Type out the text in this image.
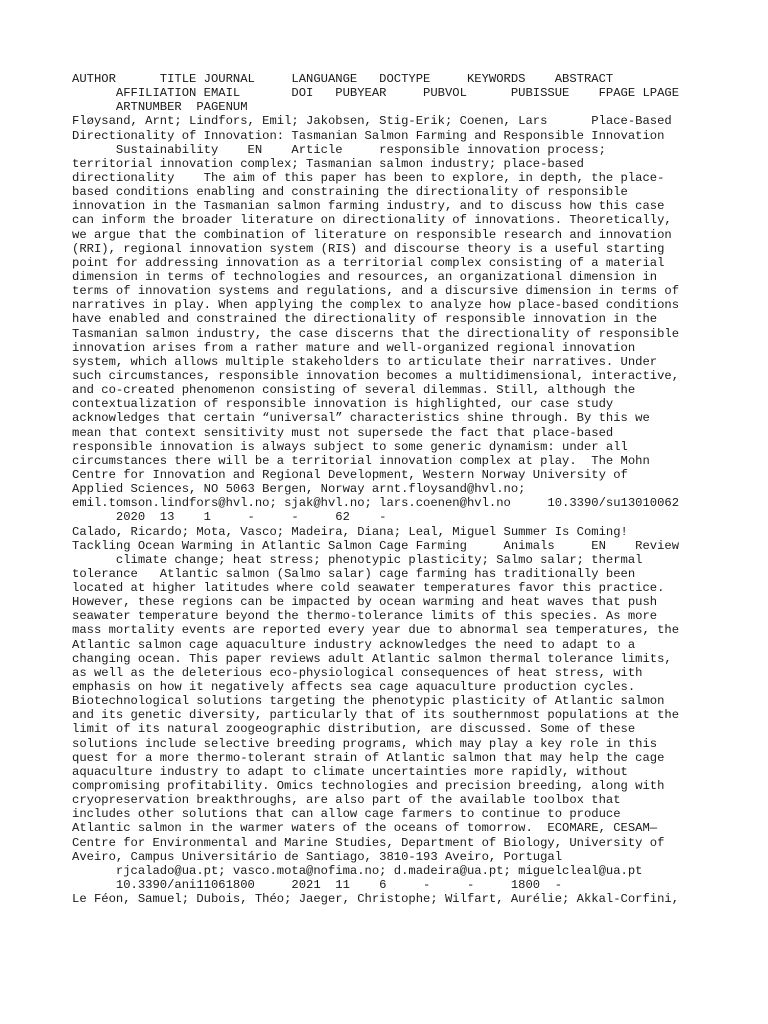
AUTHOR      TITLE JOURNAL     LANGUANGE   DOCTYPE     KEYWORDS    ABSTRACT
AFFILIATION EMAIL       DOI   PUBYEAR     PUBVOL      PUBISSUE    FPAGE LPAGE
ARTNUMBER  PAGENUM
Fløysand, Arnt; Lindfors, Emil; Jakobsen, Stig-Erik; Coenen, Lars      Place-Based
Directionality of Innovation: Tasmanian Salmon Farming and Responsible Innovation
Sustainability    EN    Article     responsible innovation process;
territorial innovation complex; Tasmanian salmon industry; place-based
directionality    The aim of this paper has been to explore, in depth, the place-
based conditions enabling and constraining the directionality of responsible
innovation in the Tasmanian salmon farming industry, and to discuss how this case
can inform the broader literature on directionality of innovations. Theoretically,
we argue that the combination of literature on responsible research and innovation
(RRI), regional innovation system (RIS) and discourse theory is a useful starting
point for addressing innovation as a territorial complex consisting of a material
dimension in terms of technologies and resources, an organizational dimension in
terms of innovation systems and regulations, and a discursive dimension in terms of
narratives in play. When applying the complex to analyze how place-based conditions
have enabled and constrained the directionality of responsible innovation in the
Tasmanian salmon industry, the case discerns that the directionality of responsible
innovation arises from a rather mature and well-organized regional innovation
system, which allows multiple stakeholders to articulate their narratives. Under
such circumstances, responsible innovation becomes a multidimensional, interactive,
and co-created phenomenon consisting of several dilemmas. Still, although the
contextualization of responsible innovation is highlighted, our case study
acknowledges that certain “universal” characteristics shine through. By this we
mean that context sensitivity must not supersede the fact that place-based
responsible innovation is always subject to some generic dynamism: under all
circumstances there will be a territorial innovation complex at play.  The Mohn
Centre for Innovation and Regional Development, Western Norway University of
Applied Sciences, NO 5063 Bergen, Norway arnt.floysand@hvl.no;
emil.tomson.lindfors@hvl.no; sjak@hvl.no; lars.coenen@hvl.no     10.3390/su13010062
2020  13    1     -     -     62    -
Calado, Ricardo; Mota, Vasco; Madeira, Diana; Leal, Miguel Summer Is Coming!
Tackling Ocean Warming in Atlantic Salmon Cage Farming     Animals     EN    Review
climate change; heat stress; phenotypic plasticity; Salmo salar; thermal
tolerance   Atlantic salmon (Salmo salar) cage farming has traditionally been
located at higher latitudes where cold seawater temperatures favor this practice.
However, these regions can be impacted by ocean warming and heat waves that push
seawater temperature beyond the thermo-tolerance limits of this species. As more
mass mortality events are reported every year due to abnormal sea temperatures, the
Atlantic salmon cage aquaculture industry acknowledges the need to adapt to a
changing ocean. This paper reviews adult Atlantic salmon thermal tolerance limits,
as well as the deleterious eco-physiological consequences of heat stress, with
emphasis on how it negatively affects sea cage aquaculture production cycles.
Biotechnological solutions targeting the phenotypic plasticity of Atlantic salmon
and its genetic diversity, particularly that of its southernmost populations at the
limit of its natural zoogeographic distribution, are discussed. Some of these
solutions include selective breeding programs, which may play a key role in this
quest for a more thermo-tolerant strain of Atlantic salmon that may help the cage
aquaculture industry to adapt to climate uncertainties more rapidly, without
compromising profitability. Omics technologies and precision breeding, along with
cryopreservation breakthroughs, are also part of the available toolbox that
includes other solutions that can allow cage farmers to continue to produce
Atlantic salmon in the warmer waters of the oceans of tomorrow.  ECOMARE, CESAM—
Centre for Environmental and Marine Studies, Department of Biology, University of
Aveiro, Campus Universitário de Santiago, 3810-193 Aveiro, Portugal
rjcalado@ua.pt; vasco.mota@nofima.no; d.madeira@ua.pt; miguelcleal@ua.pt
10.3390/ani11061800     2021  11    6     -     -     1800  -
Le Féon, Samuel; Dubois, Théo; Jaeger, Christophe; Wilfart, Aurélie; Akkal-Corfini,
